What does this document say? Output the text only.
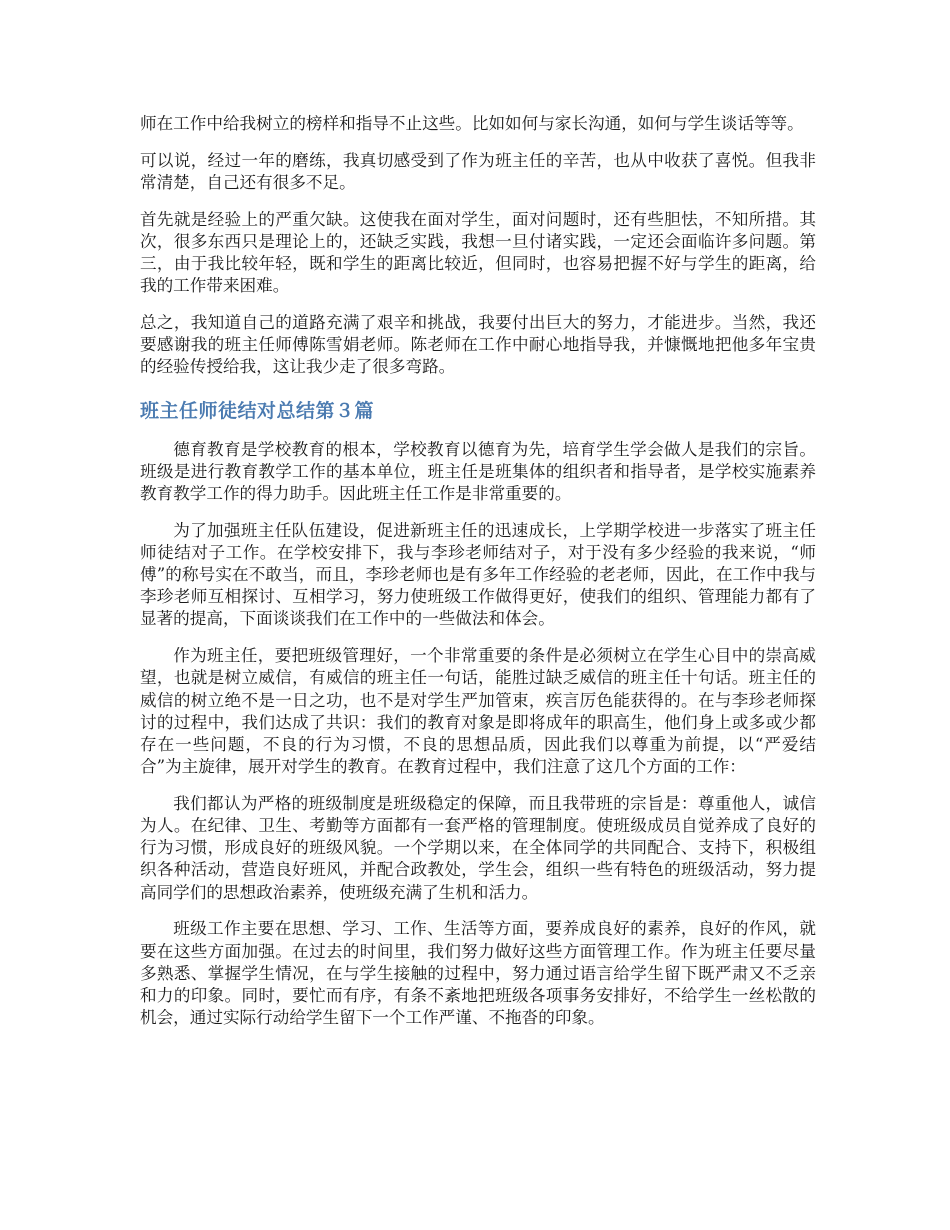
师在工作中给我树立的榜样和指导不止这些。比如如何与家长沟通，如何与学生谈话等等。

可以说，经过一年的磨练，我真切感受到了作为班主任的辛苦，也从中收获了喜悦。但我非常清楚，自己还有很多不足。

首先就是经验上的严重欠缺。这使我在面对学生，面对问题时，还有些胆怯，不知所措。其次，很多东西只是理论上的，还缺乏实践，我想一旦付诸实践，一定还会面临许多问题。第三，由于我比较年轻，既和学生的距离比较近，但同时，也容易把握不好与学生的距离，给我的工作带来困难。

总之，我知道自己的道路充满了艰辛和挑战，我要付出巨大的努力，才能进步。当然，我还要感谢我的班主任师傅陈雪娟老师。陈老师在工作中耐心地指导我，并慷慨地把他多年宝贵的经验传授给我，这让我少走了很多弯路。

班主任师徒结对总结第３篇

德育教育是学校教育的根本，学校教育以德育为先，培育学生学会做人是我们的宗旨。班级是进行教育教学工作的基本单位，班主任是班集体的组织者和指导者，是学校实施素养教育教学工作的得力助手。因此班主任工作是非常重要的。

为了加强班主任队伍建设，促进新班主任的迅速成长，上学期学校进一步落实了班主任师徒结对子工作。在学校安排下，我与李珍老师结对子，对于没有多少经验的我来说，“师傅”的称号实在不敢当，而且，李珍老师也是有多年工作经验的老老师，因此，在工作中我与李珍老师互相探讨、互相学习，努力使班级工作做得更好，使我们的组织、管理能力都有了显著的提高，下面谈谈我们在工作中的一些做法和体会。

作为班主任，要把班级管理好，一个非常重要的条件是必须树立在学生心目中的崇高威望，也就是树立威信，有威信的班主任一句话，能胜过缺乏威信的班主任十句话。班主任的威信的树立绝不是一日之功，也不是对学生严加管束，疾言厉色能获得的。在与李珍老师探讨的过程中，我们达成了共识：我们的教育对象是即将成年的职高生，他们身上或多或少都存在一些问题，不良的行为习惯，不良的思想品质，因此我们以尊重为前提，以“严爱结合”为主旋律，展开对学生的教育。在教育过程中，我们注意了这几个方面的工作：

我们都认为严格的班级制度是班级稳定的保障，而且我带班的宗旨是：尊重他人，诚信为人。在纪律、卫生、考勤等方面都有一套严格的管理制度。使班级成员自觉养成了良好的行为习惯，形成良好的班级风貌。一个学期以来，在全体同学的共同配合、支持下，积极组织各种活动，营造良好班风，并配合政教处，学生会，组织一些有特色的班级活动，努力提高同学们的思想政治素养，使班级充满了生机和活力。

班级工作主要在思想、学习、工作、生活等方面，要养成良好的素养，良好的作风，就要在这些方面加强。在过去的时间里，我们努力做好这些方面管理工作。作为班主任要尽量多熟悉、掌握学生情况，在与学生接触的过程中，努力通过语言给学生留下既严肃又不乏亲和力的印象。同时，要忙而有序，有条不紊地把班级各项事务安排好，不给学生一丝松散的机会，通过实际行动给学生留下一个工作严谨、不拖沓的印象。
